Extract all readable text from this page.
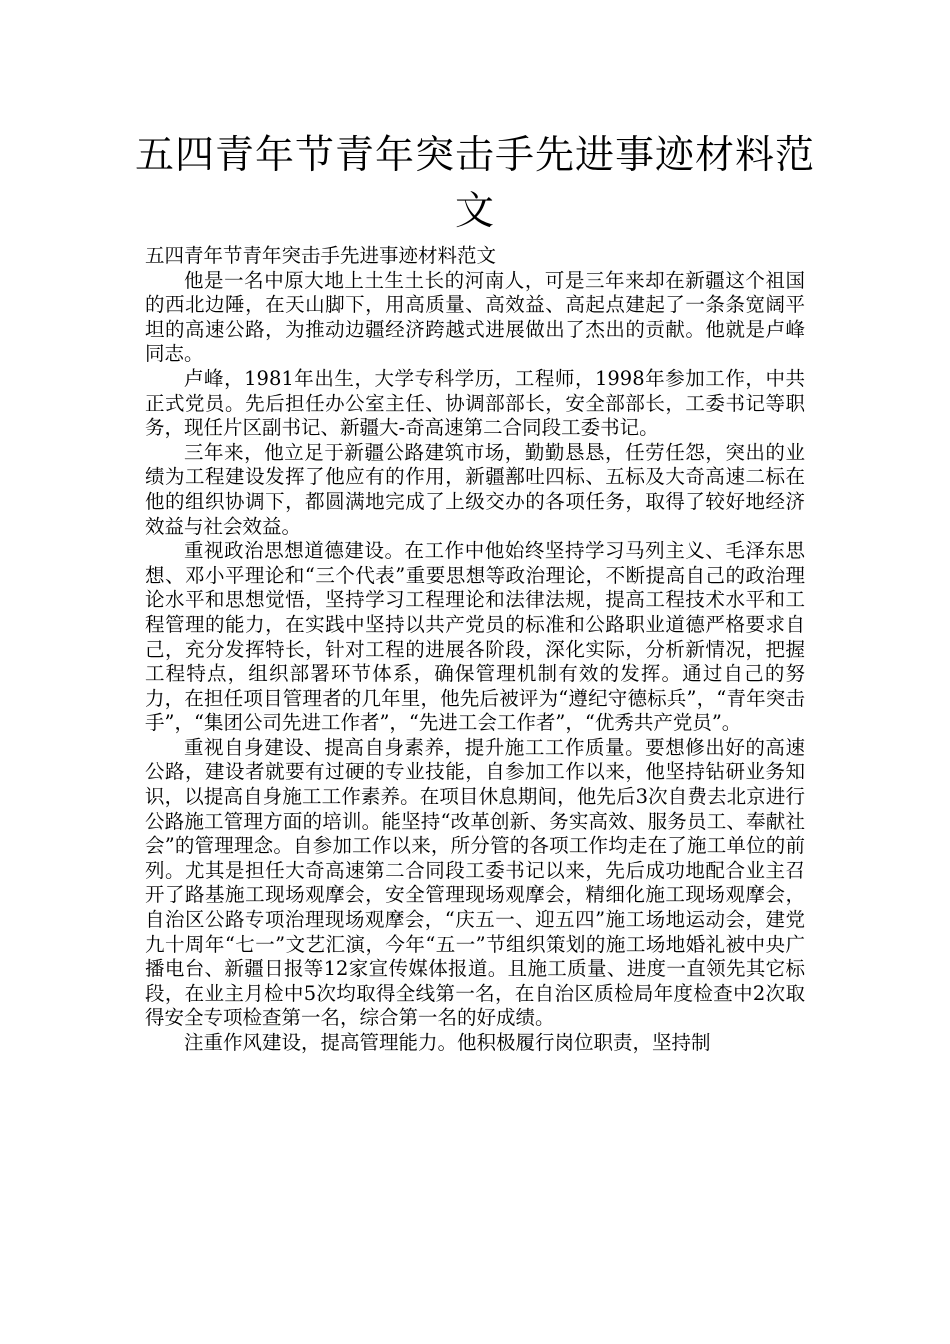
五四青年节青年突击手先进事迹材料范文

五四青年节青年突击手先进事迹材料范文

他是一名中原大地上土生土长的河南人，可是三年来却在新疆这个祖国的西北边陲，在天山脚下，用高质量、高效益、高起点建起了一条条宽阔平坦的高速公路，为推动边疆经济跨越式进展做出了杰出的贡献。他就是卢峰同志。

卢峰，1981年出生，大学专科学历，工程师，1998年参加工作，中共正式党员。先后担任办公室主任、协调部部长，安全部部长，工委书记等职务，现任片区副书记、新疆大-奇高速第二合同段工委书记。

三年来，他立足于新疆公路建筑市场，勤勤恳恳，任劳任怨，突出的业绩为工程建设发挥了他应有的作用，新疆鄯吐四标、五标及大奇高速二标在他的组织协调下，都圆满地完成了上级交办的各项任务，取得了较好地经济效益与社会效益。

重视政治思想道德建设。在工作中他始终坚持学习马列主义、毛泽东思想、邓小平理论和“三个代表”重要思想等政治理论，不断提高自己的政治理论水平和思想觉悟，坚持学习工程理论和法律法规，提高工程技术水平和工程管理的能力，在实践中坚持以共产党员的标准和公路职业道德严格要求自己，充分发挥特长，针对工程的进展各阶段，深化实际，分析新情况，把握工程特点，组织部署环节体系，确保管理机制有效的发挥。通过自己的努力，在担任项目管理者的几年里，他先后被评为“遵纪守德标兵”，“青年突击手”，“集团公司先进工作者”，“先进工会工作者”，“优秀共产党员”。

重视自身建设、提高自身素养，提升施工工作质量。要想修出好的高速公路，建设者就要有过硬的专业技能，自参加工作以来，他坚持钻研业务知识，以提高自身施工工作素养。在项目休息期间，他先后3次自费去北京进行公路施工管理方面的培训。能坚持“改革创新、务实高效、服务员工、奉献社会”的管理理念。自参加工作以来，所分管的各项工作均走在了施工单位的前列。尤其是担任大奇高速第二合同段工委书记以来，先后成功地配合业主召开了路基施工现场观摩会，安全管理现场观摩会，精细化施工现场观摩会，自治区公路专项治理现场观摩会，“庆五一、迎五四”施工场地运动会，建党九十周年“七一”文艺汇演，今年“五一”节组织策划的施工场地婚礼被中央广播电台、新疆日报等12家宣传媒体报道。且施工质量、进度一直领先其它标段，在业主月检中5次均取得全线第一名，在自治区质检局年度检查中2次取得安全专项检查第一名，综合第一名的好成绩。

注重作风建设，提高管理能力。他积极履行岗位职责，坚持制
